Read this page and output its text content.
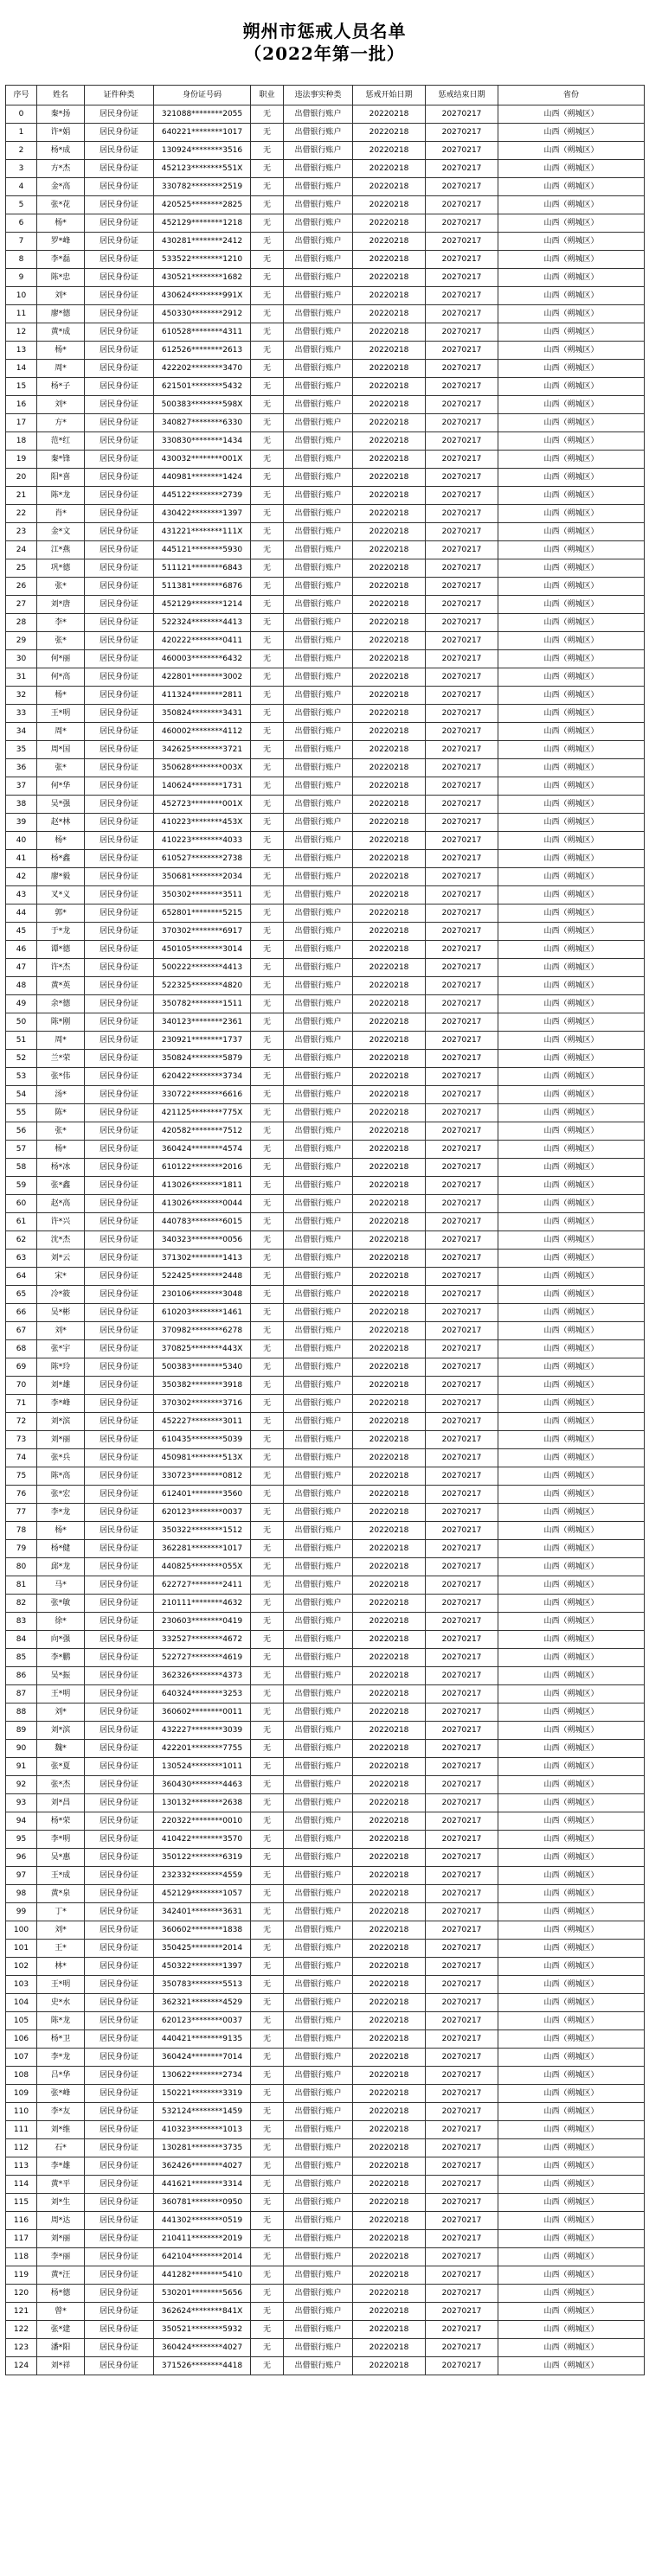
朔州市惩戒人员名单
（2022年第一批）
序号	姓名	证件种类	身份证号码	职业	违法事实种类	惩戒开始日期	惩戒结束日期	省份
0	秦*扬	居民身份证	321088********2055	无	出借银行账户	20220218	20270217	山西（朔城区）
1	许*娟	居民身份证	640221********1017	无	出借银行账户	20220218	20270217	山西（朔城区）
2	杨*成	居民身份证	130924********3516	无	出借银行账户	20220218	20270217	山西（朔城区）
3	方*杰	居民身份证	452123********551X	无	出借银行账户	20220218	20270217	山西（朔城区）
4	金*高	居民身份证	330782********2519	无	出借银行账户	20220218	20270217	山西（朔城区）
5	张*花	居民身份证	420525********2825	无	出借银行账户	20220218	20270217	山西（朔城区）
6	杨*	居民身份证	452129********1218	无	出借银行账户	20220218	20270217	山西（朔城区）
7	罗*峰	居民身份证	430281********2412	无	出借银行账户	20220218	20270217	山西（朔城区）
8	李*磊	居民身份证	533522********1210	无	出借银行账户	20220218	20270217	山西（朔城区）
9	陈*忠	居民身份证	430521********1682	无	出借银行账户	20220218	20270217	山西（朔城区）
10	刘*	居民身份证	430624********991X	无	出借银行账户	20220218	20270217	山西（朔城区）
11	廖*德	居民身份证	450330********2912	无	出借银行账户	20220218	20270217	山西（朔城区）
12	黄*成	居民身份证	610528********4311	无	出借银行账户	20220218	20270217	山西（朔城区）
13	杨*	居民身份证	612526********2613	无	出借银行账户	20220218	20270217	山西（朔城区）
14	周*	居民身份证	422202********3470	无	出借银行账户	20220218	20270217	山西（朔城区）
15	杨*子	居民身份证	621501********5432	无	出借银行账户	20220218	20270217	山西（朔城区）
16	刘*	居民身份证	500383********598X	无	出借银行账户	20220218	20270217	山西（朔城区）
17	方*	居民身份证	340827********6330	无	出借银行账户	20220218	20270217	山西（朔城区）
18	范*红	居民身份证	330830********1434	无	出借银行账户	20220218	20270217	山西（朔城区）
19	秦*锋	居民身份证	430032********001X	无	出借银行账户	20220218	20270217	山西（朔城区）
20	阳*喜	居民身份证	440981********1424	无	出借银行账户	20220218	20270217	山西（朔城区）
21	陈*龙	居民身份证	445122********2739	无	出借银行账户	20220218	20270217	山西（朔城区）
22	肖*	居民身份证	430422********1397	无	出借银行账户	20220218	20270217	山西（朔城区）
23	金*文	居民身份证	431221********111X	无	出借银行账户	20220218	20270217	山西（朔城区）
24	江*燕	居民身份证	445121********5930	无	出借银行账户	20220218	20270217	山西（朔城区）
25	巩*德	居民身份证	511121********6843	无	出借银行账户	20220218	20270217	山西（朔城区）
26	张*	居民身份证	511381********6876	无	出借银行账户	20220218	20270217	山西（朔城区）
27	刘*唐	居民身份证	452129********1214	无	出借银行账户	20220218	20270217	山西（朔城区）
28	李*	居民身份证	522324********4413	无	出借银行账户	20220218	20270217	山西（朔城区）
29	张*	居民身份证	420222********0411	无	出借银行账户	20220218	20270217	山西（朔城区）
30	何*丽	居民身份证	460003********6432	无	出借银行账户	20220218	20270217	山西（朔城区）
31	何*高	居民身份证	422801********3002	无	出借银行账户	20220218	20270217	山西（朔城区）
32	杨*	居民身份证	411324********2811	无	出借银行账户	20220218	20270217	山西（朔城区）
33	王*明	居民身份证	350824********3431	无	出借银行账户	20220218	20270217	山西（朔城区）
34	周*	居民身份证	460002********4112	无	出借银行账户	20220218	20270217	山西（朔城区）
35	周*国	居民身份证	342625********3721	无	出借银行账户	20220218	20270217	山西（朔城区）
36	张*	居民身份证	350628********003X	无	出借银行账户	20220218	20270217	山西（朔城区）
37	何*华	居民身份证	140624********1731	无	出借银行账户	20220218	20270217	山西（朔城区）
38	吴*强	居民身份证	452723********001X	无	出借银行账户	20220218	20270217	山西（朔城区）
39	赵*林	居民身份证	410223********453X	无	出借银行账户	20220218	20270217	山西（朔城区）
40	杨*	居民身份证	410223********4033	无	出借银行账户	20220218	20270217	山西（朔城区）
41	杨*鑫	居民身份证	610527********2738	无	出借银行账户	20220218	20270217	山西（朔城区）
42	廖*毅	居民身份证	350681********2034	无	出借银行账户	20220218	20270217	山西（朔城区）
43	叉*义	居民身份证	350302********3511	无	出借银行账户	20220218	20270217	山西（朔城区）
44	郭*	居民身份证	652801********5215	无	出借银行账户	20220218	20270217	山西（朔城区）
45	于*龙	居民身份证	370302********6917	无	出借银行账户	20220218	20270217	山西（朔城区）
46	谭*德	居民身份证	450105********3014	无	出借银行账户	20220218	20270217	山西（朔城区）
47	许*杰	居民身份证	500222********4413	无	出借银行账户	20220218	20270217	山西（朔城区）
48	黄*英	居民身份证	522325********4820	无	出借银行账户	20220218	20270217	山西（朔城区）
49	余*德	居民身份证	350782********1511	无	出借银行账户	20220218	20270217	山西（朔城区）
50	陈*刚	居民身份证	340123********2361	无	出借银行账户	20220218	20270217	山西（朔城区）
51	周*	居民身份证	230921********1737	无	出借银行账户	20220218	20270217	山西（朔城区）
52	兰*荣	居民身份证	350824********5879	无	出借银行账户	20220218	20270217	山西（朔城区）
53	张*伟	居民身份证	620422********3734	无	出借银行账户	20220218	20270217	山西（朔城区）
54	汤*	居民身份证	330722********6616	无	出借银行账户	20220218	20270217	山西（朔城区）
55	陈*	居民身份证	421125********775X	无	出借银行账户	20220218	20270217	山西（朔城区）
56	张*	居民身份证	420582********7512	无	出借银行账户	20220218	20270217	山西（朔城区）
57	杨*	居民身份证	360424********4574	无	出借银行账户	20220218	20270217	山西（朔城区）
58	杨*冰	居民身份证	610122********2016	无	出借银行账户	20220218	20270217	山西（朔城区）
59	张*鑫	居民身份证	413026********1811	无	出借银行账户	20220218	20270217	山西（朔城区）
60	赵*高	居民身份证	413026********0044	无	出借银行账户	20220218	20270217	山西（朔城区）
61	许*兴	居民身份证	440783********6015	无	出借银行账户	20220218	20270217	山西（朔城区）
62	沈*杰	居民身份证	340323********0056	无	出借银行账户	20220218	20270217	山西（朔城区）
63	刘*云	居民身份证	371302********1413	无	出借银行账户	20220218	20270217	山西（朔城区）
64	宋*	居民身份证	522425********2448	无	出借银行账户	20220218	20270217	山西（朔城区）
65	冷*筱	居民身份证	230106********3048	无	出借银行账户	20220218	20270217	山西（朔城区）
66	吴*彬	居民身份证	610203********1461	无	出借银行账户	20220218	20270217	山西（朔城区）
67	刘*	居民身份证	370982********6278	无	出借银行账户	20220218	20270217	山西（朔城区）
68	张*宇	居民身份证	370825********443X	无	出借银行账户	20220218	20270217	山西（朔城区）
69	陈*玲	居民身份证	500383********5340	无	出借银行账户	20220218	20270217	山西（朔城区）
70	刘*雄	居民身份证	350382********3918	无	出借银行账户	20220218	20270217	山西（朔城区）
71	李*峰	居民身份证	370302********3716	无	出借银行账户	20220218	20270217	山西（朔城区）
72	刘*滨	居民身份证	452227********3011	无	出借银行账户	20220218	20270217	山西（朔城区）
73	刘*丽	居民身份证	610435********5039	无	出借银行账户	20220218	20270217	山西（朔城区）
74	张*兵	居民身份证	450981********513X	无	出借银行账户	20220218	20270217	山西（朔城区）
75	陈*高	居民身份证	330723********0812	无	出借银行账户	20220218	20270217	山西（朔城区）
76	张*宏	居民身份证	612401********3560	无	出借银行账户	20220218	20270217	山西（朔城区）
77	李*龙	居民身份证	620123********0037	无	出借银行账户	20220218	20270217	山西（朔城区）
78	杨*	居民身份证	350322********1512	无	出借银行账户	20220218	20270217	山西（朔城区）
79	杨*健	居民身份证	362281********1017	无	出借银行账户	20220218	20270217	山西（朔城区）
80	邱*龙	居民身份证	440825********055X	无	出借银行账户	20220218	20270217	山西（朔城区）
81	马*	居民身份证	622727********2411	无	出借银行账户	20220218	20270217	山西（朔城区）
82	张*敏	居民身份证	210111********4632	无	出借银行账户	20220218	20270217	山西（朔城区）
83	徐*	居民身份证	230603********0419	无	出借银行账户	20220218	20270217	山西（朔城区）
84	向*强	居民身份证	332527********4672	无	出借银行账户	20220218	20270217	山西（朔城区）
85	李*鹏	居民身份证	522727********4619	无	出借银行账户	20220218	20270217	山西（朔城区）
86	吴*振	居民身份证	362326********4373	无	出借银行账户	20220218	20270217	山西（朔城区）
87	王*明	居民身份证	640324********3253	无	出借银行账户	20220218	20270217	山西（朔城区）
88	刘*	居民身份证	360602********0011	无	出借银行账户	20220218	20270217	山西（朔城区）
89	刘*滨	居民身份证	432227********3039	无	出借银行账户	20220218	20270217	山西（朔城区）
90	魏*	居民身份证	422201********7755	无	出借银行账户	20220218	20270217	山西（朔城区）
91	张*夏	居民身份证	130524********1011	无	出借银行账户	20220218	20270217	山西（朔城区）
92	张*杰	居民身份证	360430********4463	无	出借银行账户	20220218	20270217	山西（朔城区）
93	刘*昌	居民身份证	130132********2638	无	出借银行账户	20220218	20270217	山西（朔城区）
94	杨*荣	居民身份证	220322********0010	无	出借银行账户	20220218	20270217	山西（朔城区）
95	李*明	居民身份证	410422********3570	无	出借银行账户	20220218	20270217	山西（朔城区）
96	吴*惠	居民身份证	350122********6319	无	出借银行账户	20220218	20270217	山西（朔城区）
97	王*成	居民身份证	232332********4559	无	出借银行账户	20220218	20270217	山西（朔城区）
98	黄*泉	居民身份证	452129********1057	无	出借银行账户	20220218	20270217	山西（朔城区）
99	丁*	居民身份证	342401********3631	无	出借银行账户	20220218	20270217	山西（朔城区）
100	刘*	居民身份证	360602********1838	无	出借银行账户	20220218	20270217	山西（朔城区）
101	王*	居民身份证	350425********2014	无	出借银行账户	20220218	20270217	山西（朔城区）
102	林*	居民身份证	450322********1397	无	出借银行账户	20220218	20270217	山西（朔城区）
103	王*明	居民身份证	350783********5513	无	出借银行账户	20220218	20270217	山西（朔城区）
104	史*水	居民身份证	362321********4529	无	出借银行账户	20220218	20270217	山西（朔城区）
105	陈*龙	居民身份证	620123********0037	无	出借银行账户	20220218	20270217	山西（朔城区）
106	杨*卫	居民身份证	440421********9135	无	出借银行账户	20220218	20270217	山西（朔城区）
107	李*龙	居民身份证	360424********7014	无	出借银行账户	20220218	20270217	山西（朔城区）
108	吕*华	居民身份证	130622********2734	无	出借银行账户	20220218	20270217	山西（朔城区）
109	张*峰	居民身份证	150221********3319	无	出借银行账户	20220218	20270217	山西（朔城区）
110	李*友	居民身份证	532124********1459	无	出借银行账户	20220218	20270217	山西（朔城区）
111	刘*维	居民身份证	410323********1013	无	出借银行账户	20220218	20270217	山西（朔城区）
112	石*	居民身份证	130281********3735	无	出借银行账户	20220218	20270217	山西（朔城区）
113	李*雄	居民身份证	362426********4027	无	出借银行账户	20220218	20270217	山西（朔城区）
114	黄*平	居民身份证	441621********3314	无	出借银行账户	20220218	20270217	山西（朔城区）
115	刘*生	居民身份证	360781********0950	无	出借银行账户	20220218	20270217	山西（朔城区）
116	周*达	居民身份证	441302********0519	无	出借银行账户	20220218	20270217	山西（朔城区）
117	刘*丽	居民身份证	210411********2019	无	出借银行账户	20220218	20270217	山西（朔城区）
118	李*丽	居民身份证	642104********2014	无	出借银行账户	20220218	20270217	山西（朔城区）
119	黄*汪	居民身份证	441282********5410	无	出借银行账户	20220218	20270217	山西（朔城区）
120	杨*德	居民身份证	530201********5656	无	出借银行账户	20220218	20270217	山西（朔城区）
121	曾*	居民身份证	362624********841X	无	出借银行账户	20220218	20270217	山西（朔城区）
122	张*建	居民身份证	350521********5932	无	出借银行账户	20220218	20270217	山西（朔城区）
123	潘*阳	居民身份证	360424********4027	无	出借银行账户	20220218	20270217	山西（朔城区）
124	刘*祥	居民身份证	371526********4418	无	出借银行账户	20220218	20270217	山西（朔城区）
